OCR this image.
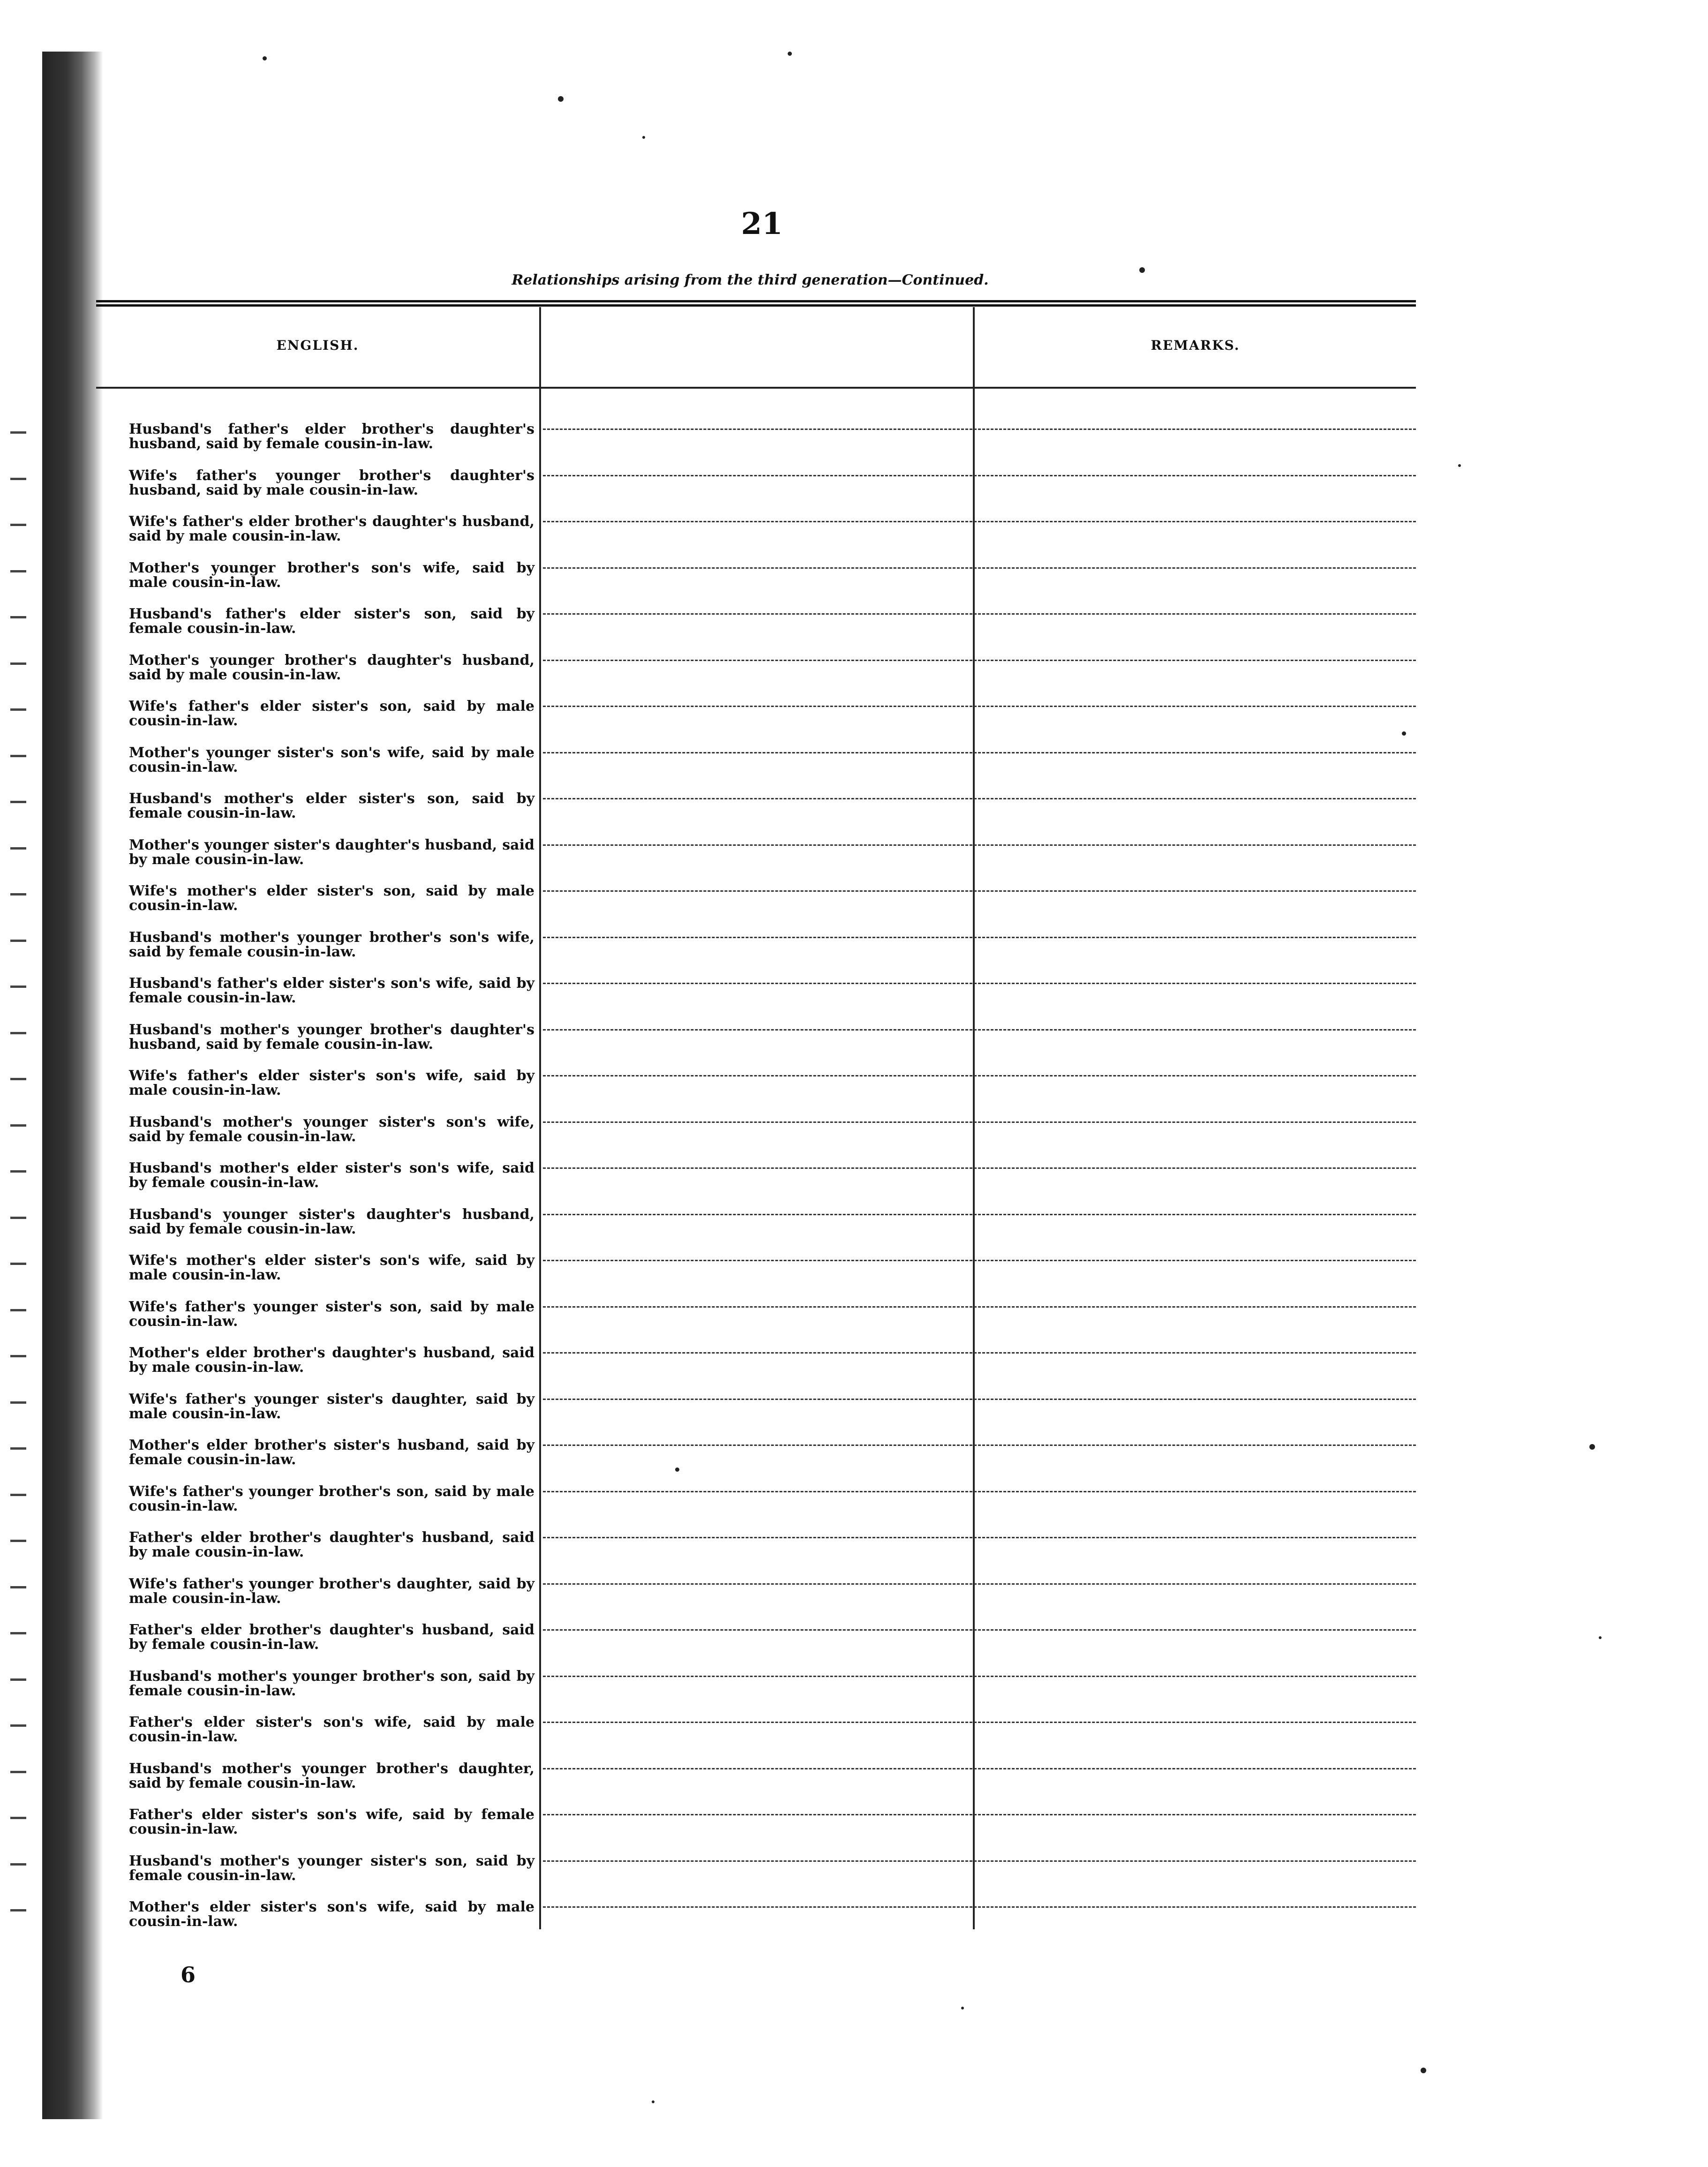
21
Relationships arising from the third generation—Continued.
ENGLISH.	REMARKS.
Husband's father's elder brother's daughter's husband, said by female cousin-in-law.
Wife's father's younger brother's daughter's husband, said by male cousin-in-law.
Wife's father's elder brother's daughter's husband, said by male cousin-in-law.
Mother's younger brother's son's wife, said by male cousin-in-law.
Husband's father's elder sister's son, said by female cousin-in-law.
Mother's younger brother's daughter's husband, said by male cousin-in-law.
Wife's father's elder sister's son, said by male cousin-in-law.
Mother's younger sister's son's wife, said by male cousin-in-law.
Husband's mother's elder sister's son, said by female cousin-in-law.
Mother's younger sister's daughter's husband, said by male cousin-in-law.
Wife's mother's elder sister's son, said by male cousin-in-law.
Husband's mother's younger brother's son's wife, said by female cousin-in-law.
Husband's father's elder sister's son's wife, said by female cousin-in-law.
Husband's mother's younger brother's daughter's husband, said by female cousin-in-law.
Wife's father's elder sister's son's wife, said by male cousin-in-law.
Husband's mother's younger sister's son's wife, said by female cousin-in-law.
Husband's mother's elder sister's son's wife, said by female cousin-in-law.
Husband's younger sister's daughter's husband, said by female cousin-in-law.
Wife's mother's elder sister's son's wife, said by male cousin-in-law.
Wife's father's younger sister's son, said by male cousin-in-law.
Mother's elder brother's daughter's husband, said by male cousin-in-law.
Wife's father's younger sister's daughter, said by male cousin-in-law.
Mother's elder brother's sister's husband, said by female cousin-in-law.
Wife's father's younger brother's son, said by male cousin-in-law.
Father's elder brother's daughter's husband, said by male cousin-in-law.
Wife's father's younger brother's daughter, said by male cousin-in-law.
Father's elder brother's daughter's husband, said by female cousin-in-law.
Husband's mother's younger brother's son, said by female cousin-in-law.
Father's elder sister's son's wife, said by male cousin-in-law.
Husband's mother's younger brother's daughter, said by female cousin-in-law.
Father's elder sister's son's wife, said by female cousin-in-law.
Husband's mother's younger sister's son, said by female cousin-in-law.
Mother's elder sister's son's wife, said by male cousin-in-law.
6
